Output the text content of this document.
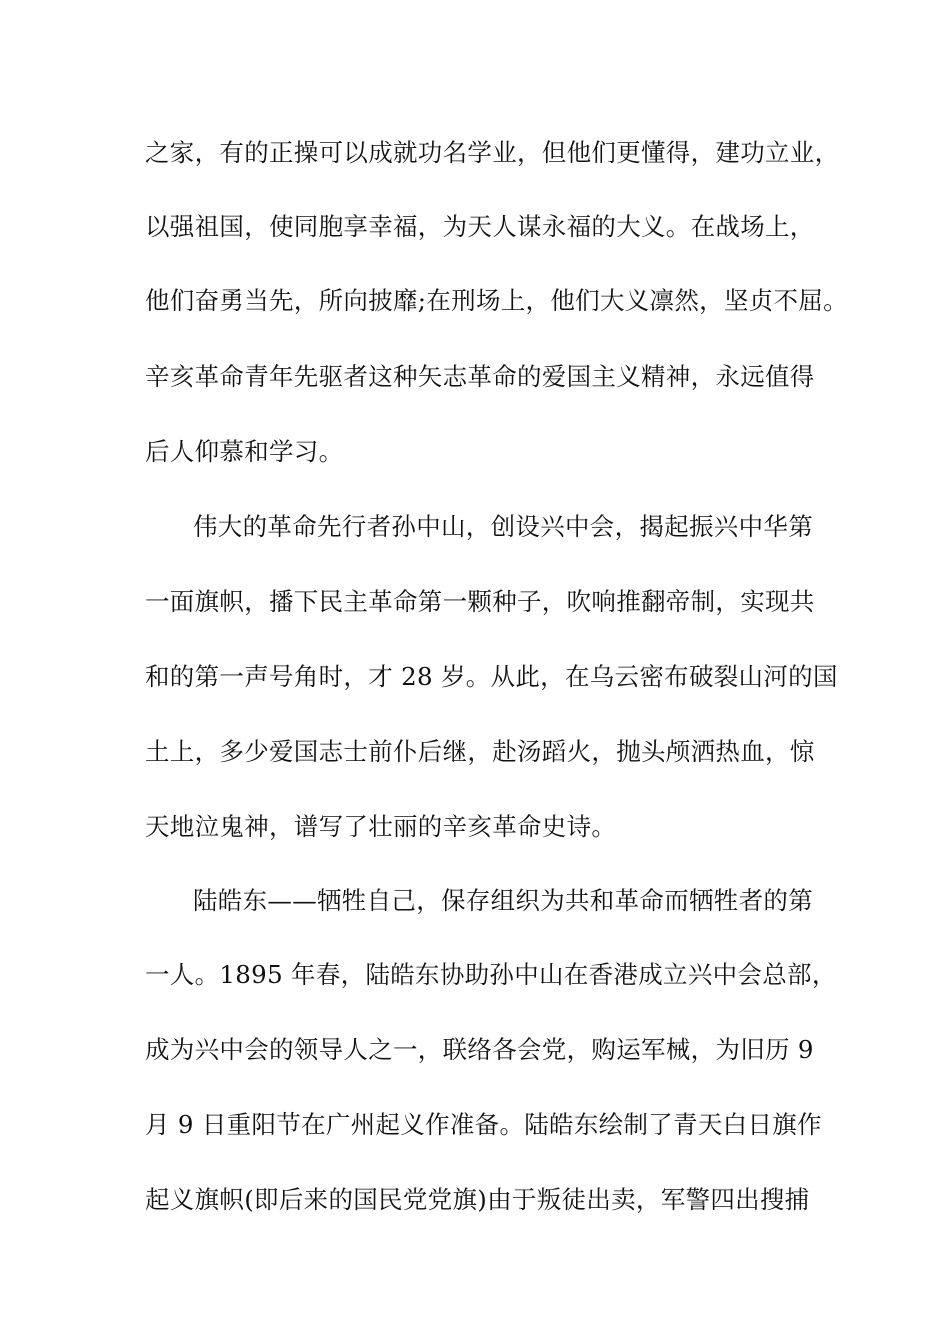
之家，有的正操可以成就功名学业，但他们更懂得，建功立业，
以强祖国，使同胞享幸福，为天人谋永福的大义。在战场上，
他们奋勇当先，所向披靡;在刑场上，他们大义凛然，坚贞不屈。
辛亥革命青年先驱者这种矢志革命的爱国主义精神，永远值得
后人仰慕和学习。
伟大的革命先行者孙中山，创设兴中会，揭起振兴中华第
一面旗帜，播下民主革命第一颗种子，吹响推翻帝制，实现共
和的第一声号角时，才 28 岁。从此，在乌云密布破裂山河的国
土上，多少爱国志士前仆后继，赴汤蹈火，抛头颅洒热血，惊
天地泣鬼神，谱写了壮丽的辛亥革命史诗。
陆皓东——牺牲自己，保存组织为共和革命而牺牲者的第
一人。1895 年春，陆皓东协助孙中山在香港成立兴中会总部，
成为兴中会的领导人之一，联络各会党，购运军械，为旧历 9
月 9 日重阳节在广州起义作准备。陆皓东绘制了青天白日旗作
起义旗帜(即后来的国民党党旗)由于叛徒出卖，军警四出搜捕
